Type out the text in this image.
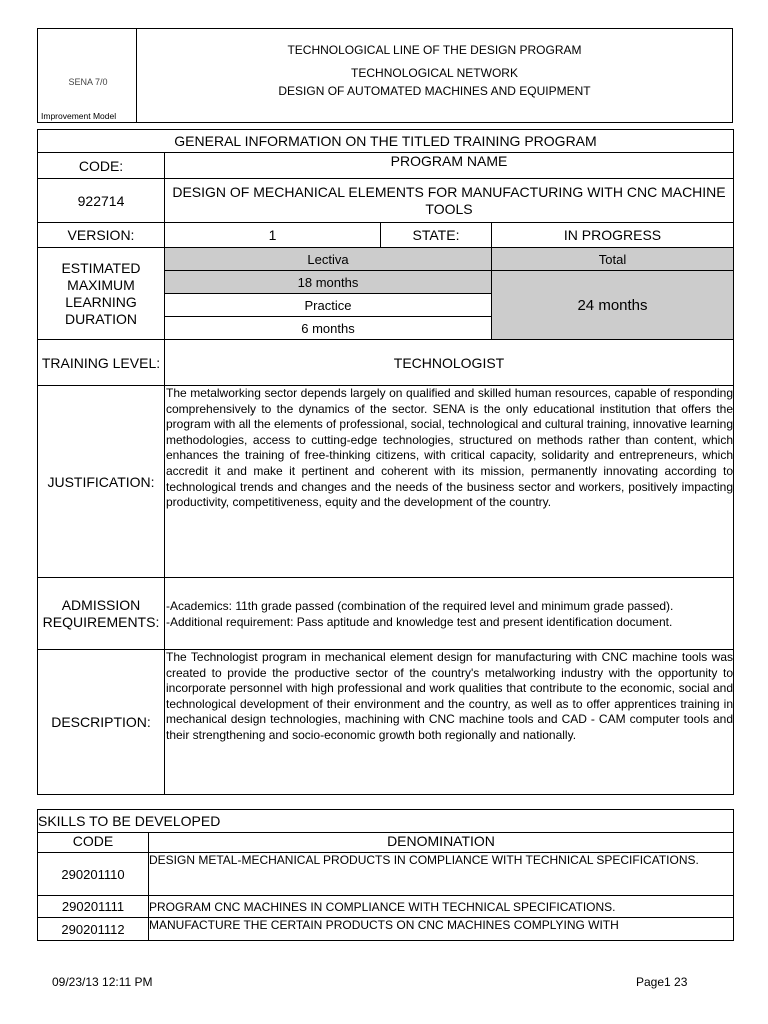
SENA 7/0
Improvement Model
TECHNOLOGICAL LINE OF THE DESIGN PROGRAM
TECHNOLOGICAL NETWORK
DESIGN OF AUTOMATED MACHINES AND EQUIPMENT
GENERAL INFORMATION ON THE TITLED TRAINING PROGRAM			
CODE:	PROGRAM NAME		
922714	DESIGN OF MECHANICAL ELEMENTS FOR MANUFACTURING WITH CNC MACHINE TOOLS		
VERSION:	1	STATE:	IN PROGRESS
ESTIMATED MAXIMUM LEARNING DURATION	Lectiva		Total
	18 months		24 months
	Practice		
	6 months		
TRAINING LEVEL:	TECHNOLOGIST		
JUSTIFICATION:	The metalworking sector depends largely on qualified and skilled human resources, capable of responding comprehensively to the dynamics of the sector. SENA is the only educational institution that offers the program with all the elements of professional, social, technological and cultural training, innovative learning methodologies, access to cutting-edge technologies, structured on methods rather than content, which enhances the training of free-thinking citizens, with critical capacity, solidarity and entrepreneurs, which accredit it and make it pertinent and coherent with its mission, permanently innovating according to technological trends and changes and the needs of the business sector and workers, positively impacting productivity, competitiveness, equity and the development of the country.		
ADMISSION REQUIREMENTS:	-Academics: 11th grade passed (combination of the required level and minimum grade passed).
-Additional requirement: Pass aptitude and knowledge test and present identification document.		

DESCRIPTION:	The Technologist program in mechanical element design for manufacturing with CNC machine tools was created to provide the productive sector of the country's metalworking industry with the opportunity to incorporate personnel with high professional and work qualities that contribute to the economic, social and technological development of their environment and the country, as well as to offer apprentices training in mechanical design technologies, machining with CNC machine tools and CAD - CAM computer tools and their strengthening and socio-economic growth both regionally and nationally.		
SKILLS TO BE DEVELOPED	
CODE	DENOMINATION
290201110	DESIGN METAL-MECHANICAL PRODUCTS IN COMPLIANCE WITH TECHNICAL SPECIFICATIONS.
290201111	PROGRAM CNC MACHINES IN COMPLIANCE WITH TECHNICAL SPECIFICATIONS.
290201112	MANUFACTURE THE CERTAIN PRODUCTS ON CNC MACHINES COMPLYING WITH
09/23/13 12:11 PM	Page1 23
